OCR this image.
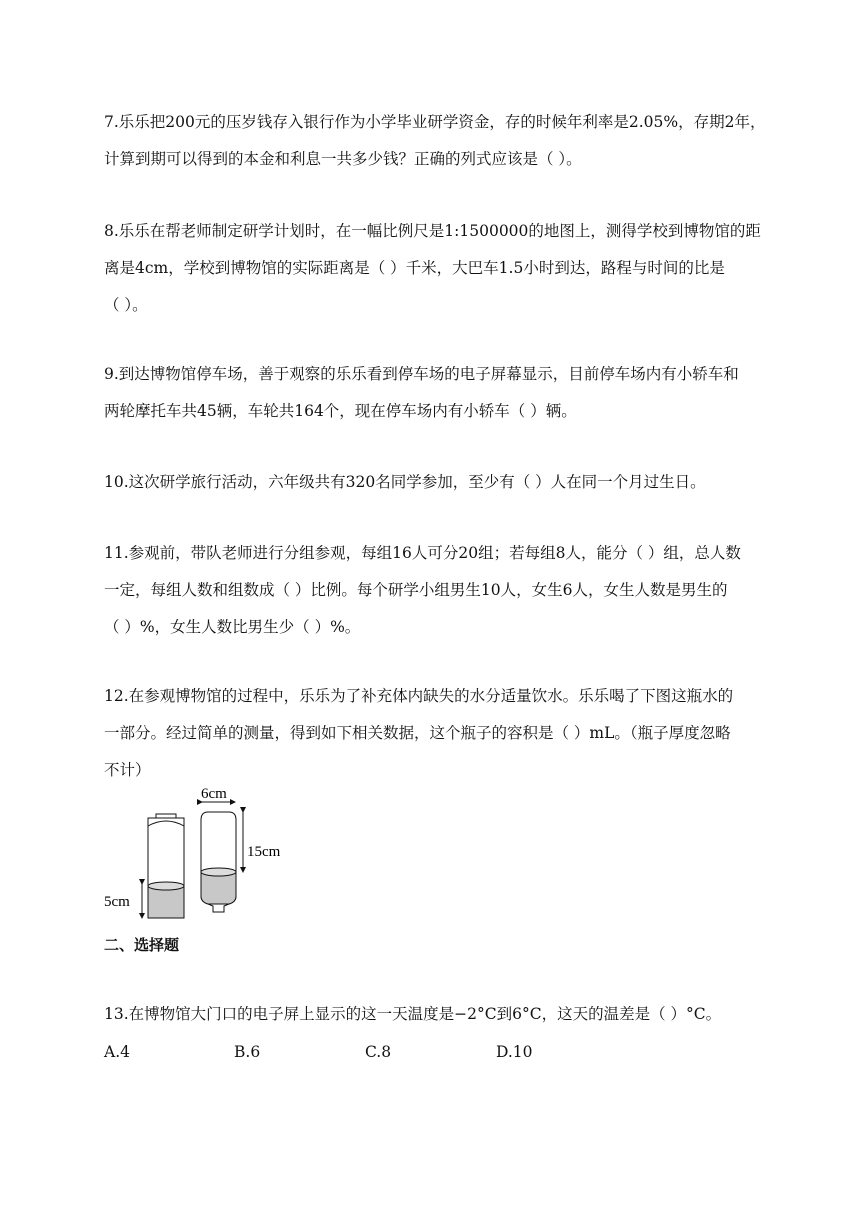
7.乐乐把200元的压岁钱存入银行作为小学毕业研学资金，存的时候年利率是2.05%，存期2年，

计算到期可以得到的本金和利息一共多少钱？正确的列式应该是（ ）。

8.乐乐在帮老师制定研学计划时，在一幅比例尺是1:1500000的地图上，测得学校到博物馆的距

离是4cm，学校到博物馆的实际距离是（ ）千米，大巴车1.5小时到达，路程与时间的比是

（ ）。

9.到达博物馆停车场，善于观察的乐乐看到停车场的电子屏幕显示，目前停车场内有小轿车和

两轮摩托车共45辆，车轮共164个，现在停车场内有小轿车（ ）辆。

10.这次研学旅行活动，六年级共有320名同学参加，至少有（ ）人在同一个月过生日。

11.参观前，带队老师进行分组参观，每组16人可分20组；若每组8人，能分（ ）组，总人数

一定，每组人数和组数成（ ）比例。每个研学小组男生10人，女生6人，女生人数是男生的

（ ）%，女生人数比男生少（ ）%。

12.在参观博物馆的过程中，乐乐为了补充体内缺失的水分适量饮水。乐乐喝了下图这瓶水的

一部分。经过简单的测量，得到如下相关数据，这个瓶子的容积是（ ）mL。（瓶子厚度忽略

不计）

5cm
6cm
15cm
二、选择题

13.在博物馆大门口的电子屏上显示的这一天温度是−2°C到6°C，这天的温差是（ ）°C。

A.4	B.6	C.8	D.10
